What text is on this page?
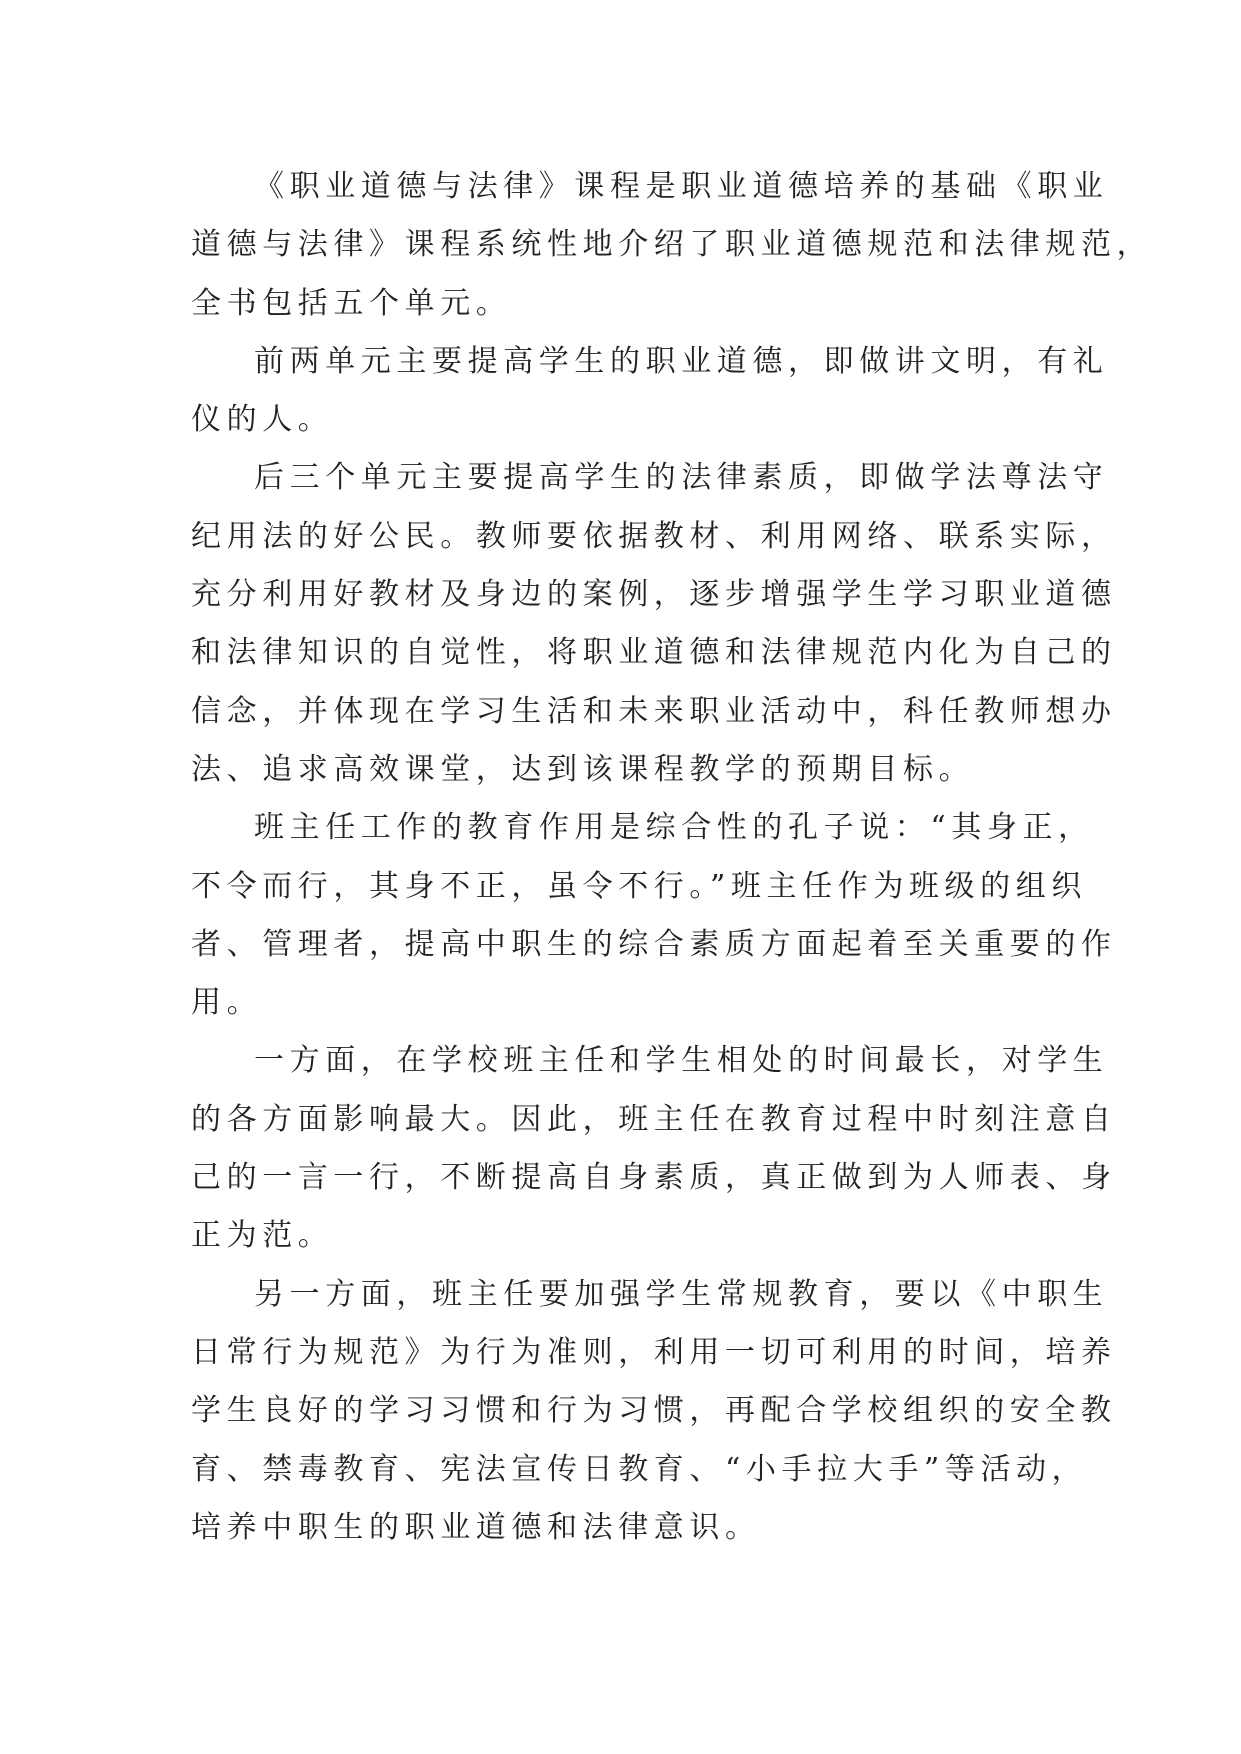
《职业道德与法律》课程是职业道德培养的基础《职业
道德与法律》课程系统性地介绍了职业道德规范和法律规范，
全书包括五个单元。

前两单元主要提高学生的职业道德，即做讲文明，有礼
仪的人。

后三个单元主要提高学生的法律素质，即做学法尊法守
纪用法的好公民。教师要依据教材、利用网络、联系实际，
充分利用好教材及身边的案例，逐步增强学生学习职业道德
和法律知识的自觉性，将职业道德和法律规范内化为自己的
信念，并体现在学习生活和未来职业活动中，科任教师想办
法、追求高效课堂，达到该课程教学的预期目标。

班主任工作的教育作用是综合性的孔子说：“其身正，
不令而行，其身不正，虽令不行。”班主任作为班级的组织
者、管理者，提高中职生的综合素质方面起着至关重要的作
用。

一方面，在学校班主任和学生相处的时间最长，对学生
的各方面影响最大。因此，班主任在教育过程中时刻注意自
己的一言一行，不断提高自身素质，真正做到为人师表、身
正为范。

另一方面，班主任要加强学生常规教育，要以《中职生
日常行为规范》为行为准则，利用一切可利用的时间，培养
学生良好的学习习惯和行为习惯，再配合学校组织的安全教
育、禁毒教育、宪法宣传日教育、“小手拉大手”等活动，
培养中职生的职业道德和法律意识。
